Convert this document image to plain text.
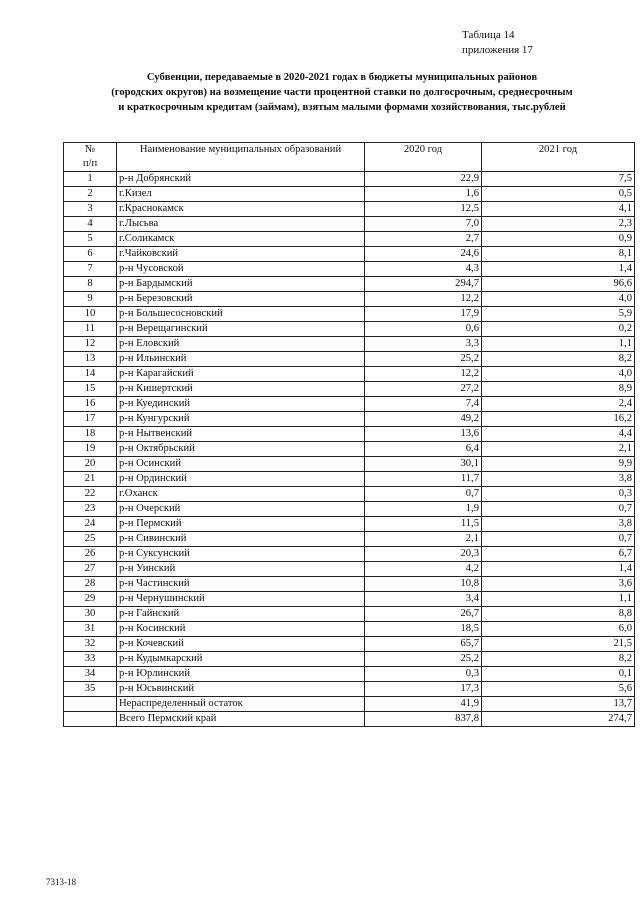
Таблица 14
приложения 17
Субвенции, передаваемые в 2020-2021 годах в бюджеты муниципальных районов
(городских округов) на возмещение части процентной ставки по долгосрочным, среднесрочным
и краткосрочным кредитам (займам), взятым малыми формами хозяйствования, тыс.рублей
№
п/п	Наименование муниципальных образований	2020 год	2021 год
1	р-н Добрянский	22,9	7,5
2	г.Кизел	1,6	0,5
3	г.Краснокамск	12,5	4,1
4	г.Лысьва	7,0	2,3
5	г.Соликамск	2,7	0,9
6	г.Чайковский	24,6	8,1
7	р-н Чусовской	4,3	1,4
8	р-н Бардымский	294,7	96,6
9	р-н Березовский	12,2	4,0
10	р-н Большесосновский	17,9	5,9
11	р-н Верещагинский	0,6	0,2
12	р-н Еловский	3,3	1,1
13	р-н Ильинский	25,2	8,2
14	р-н Карагайский	12,2	4,0
15	р-н Кишертский	27,2	8,9
16	р-н Куединский	7,4	2,4
17	р-н Кунгурский	49,2	16,2
18	р-н Нытвенский	13,6	4,4
19	р-н Октябрьский	6,4	2,1
20	р-н Осинский	30,1	9,9
21	р-н Ординский	11,7	3,8
22	г.Оханск	0,7	0,3
23	р-н Очерский	1,9	0,7
24	р-н Пермский	11,5	3,8
25	р-н Сивинский	2,1	0,7
26	р-н Суксунский	20,3	6,7
27	р-н Уинский	4,2	1,4
28	р-н Частинский	10,8	3,6
29	р-н Чернушинский	3,4	1,1
30	р-н Гайнский	26,7	8,8
31	р-н Косинский	18,5	6,0
32	р-н Кочевский	65,7	21,5
33	р-н Кудымкарский	25,2	8,2
34	р-н Юрлинский	0,3	0,1
35	р-н Юсьвинский	17,3	5,6
	Нераспределенный остаток	41,9	13,7
	Всего Пермский край	837,8	274,7
7313-18
